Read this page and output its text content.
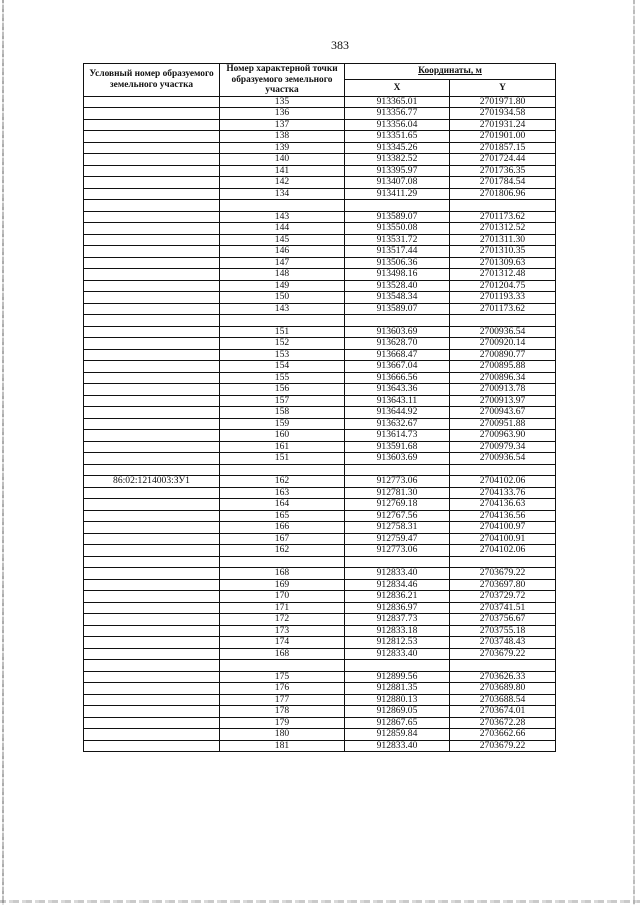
383
Условный номер образуемого земельного участка	Номер характерной точки образуемого земельного участка	Координаты, м	
		X	Y
	135	913365.01	2701971.80
	136	913356.77	2701934.58
	137	913356.04	2701931.24
	138	913351.65	2701901.00
	139	913345.26	2701857.15
	140	913382.52	2701724.44
	141	913395.97	2701736.35
	142	913407.08	2701784.54
	134	913411.29	2701806.96

	143	913589.07	2701173.62
	144	913550.08	2701312.52
	145	913531.72	2701311.30
	146	913517.44	2701310.35
	147	913506.36	2701309.63
	148	913498.16	2701312.48
	149	913528.40	2701204.75
	150	913548.34	2701193.33
	143	913589.07	2701173.62

	151	913603.69	2700936.54
	152	913628.70	2700920.14
	153	913668.47	2700890.77
	154	913667.04	2700895.88
	155	913666.56	2700896.34
	156	913643.36	2700913.78
	157	913643.11	2700913.97
	158	913644.92	2700943.67
	159	913632.67	2700951.88
	160	913614.73	2700963.90
	161	913591.68	2700979.34
	151	913603.69	2700936.54

86:02:1214003:ЗУ1	162	912773.06	2704102.06
	163	912781.30	2704133.76
	164	912769.18	2704136.63
	165	912767.56	2704136.56
	166	912758.31	2704100.97
	167	912759.47	2704100.91
	162	912773.06	2704102.06

	168	912833.40	2703679.22
	169	912834.46	2703697.80
	170	912836.21	2703729.72
	171	912836.97	2703741.51
	172	912837.73	2703756.67
	173	912833.18	2703755.18
	174	912812.53	2703748.43
	168	912833.40	2703679.22

	175	912899.56	2703626.33
	176	912881.35	2703689.80
	177	912880.13	2703688.54
	178	912869.05	2703674.01
	179	912867.65	2703672.28
	180	912859.84	2703662.66
	181	912833.40	2703679.22
